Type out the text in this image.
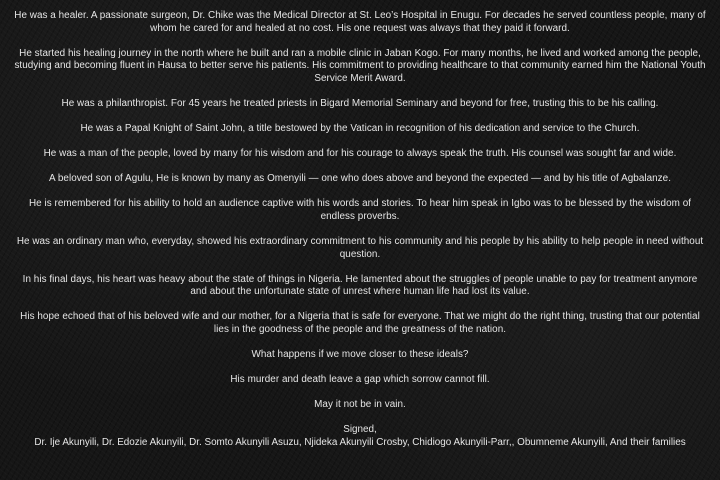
He was a healer. A passionate surgeon, Dr. Chike was the Medical Director at St. Leo’s Hospital in Enugu. For decades he served countless people, many of whom he cared for and healed at no cost. His one request was always that they paid it forward.

He started his healing journey in the north where he built and ran a mobile clinic in Jaban Kogo. For many months, he lived and worked among the people, studying and becoming fluent in Hausa to better serve his patients. His commitment to providing healthcare to that community earned him the National Youth Service Merit Award.

He was a philanthropist. For 45 years he treated priests in Bigard Memorial Seminary and beyond for free, trusting this to be his calling.

He was a Papal Knight of Saint John, a title bestowed by the Vatican in recognition of his dedication and service to the Church.

He was a man of the people, loved by many for his wisdom and for his courage to always speak the truth. His counsel was sought far and wide.

A beloved son of Agulu, He is known by many as Omenyili — one who does above and beyond the expected — and by his title of Agbalanze.

He is remembered for his ability to hold an audience captive with his words and stories. To hear him speak in Igbo was to be blessed by the wisdom of endless proverbs.

He was an ordinary man who, everyday, showed his extraordinary commitment to his community and his people by his ability to help people in need without question.

In his final days, his heart was heavy about the state of things in Nigeria. He lamented about the struggles of people unable to pay for treatment anymore and about the unfortunate state of unrest where human life had lost its value.

His hope echoed that of his beloved wife and our mother, for a Nigeria that is safe for everyone. That we might do the right thing, trusting that our potential lies in the goodness of the people and the greatness of the nation.

What happens if we move closer to these ideals?

His murder and death leave a gap which sorrow cannot fill.

May it not be in vain.

Signed,

Dr. Ije Akunyili, Dr. Edozie Akunyili, Dr. Somto Akunyili Asuzu, Njideka Akunyili Crosby, Chidiogo Akunyili-Parr,, Obumneme Akunyili, And their families
